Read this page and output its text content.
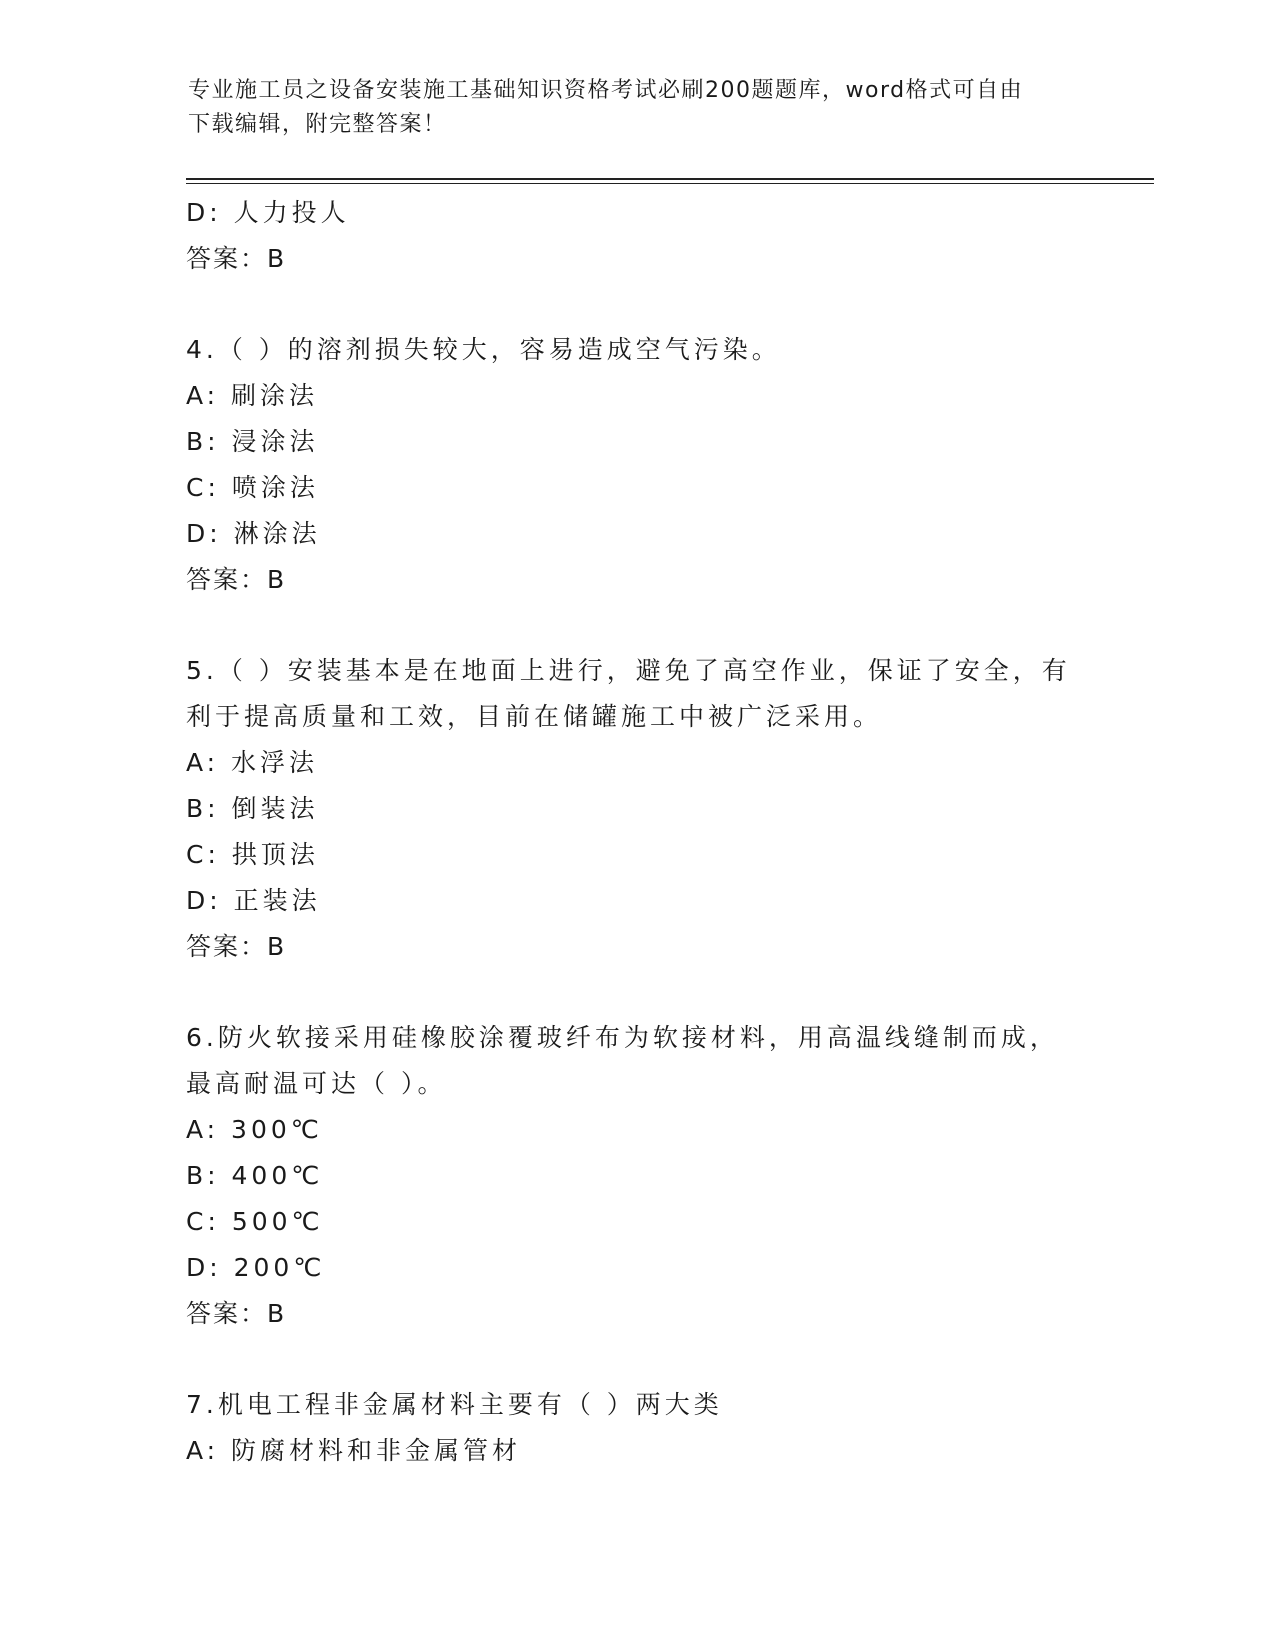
专业施工员之设备安装施工基础知识资格考试必刷200题题库，word格式可自由
下载编辑，附完整答案！
D: 人力投人
答案：B
4.（ ）的溶剂损失较大，容易造成空气污染。
A: 刷涂法
B: 浸涂法
C: 喷涂法
D: 淋涂法
答案：B
5.（ ）安装基本是在地面上进行，避免了高空作业，保证了安全，有
利于提高质量和工效，目前在储罐施工中被广泛采用。
A: 水浮法
B: 倒装法
C: 拱顶法
D: 正装法
答案：B
6.防火软接采用硅橡胶涂覆玻纤布为软接材料，用高温线缝制而成，
最高耐温可达（ ）。
A: 300℃
B: 400℃
C: 500℃
D: 200℃
答案：B
7.机电工程非金属材料主要有（ ）两大类
A: 防腐材料和非金属管材
